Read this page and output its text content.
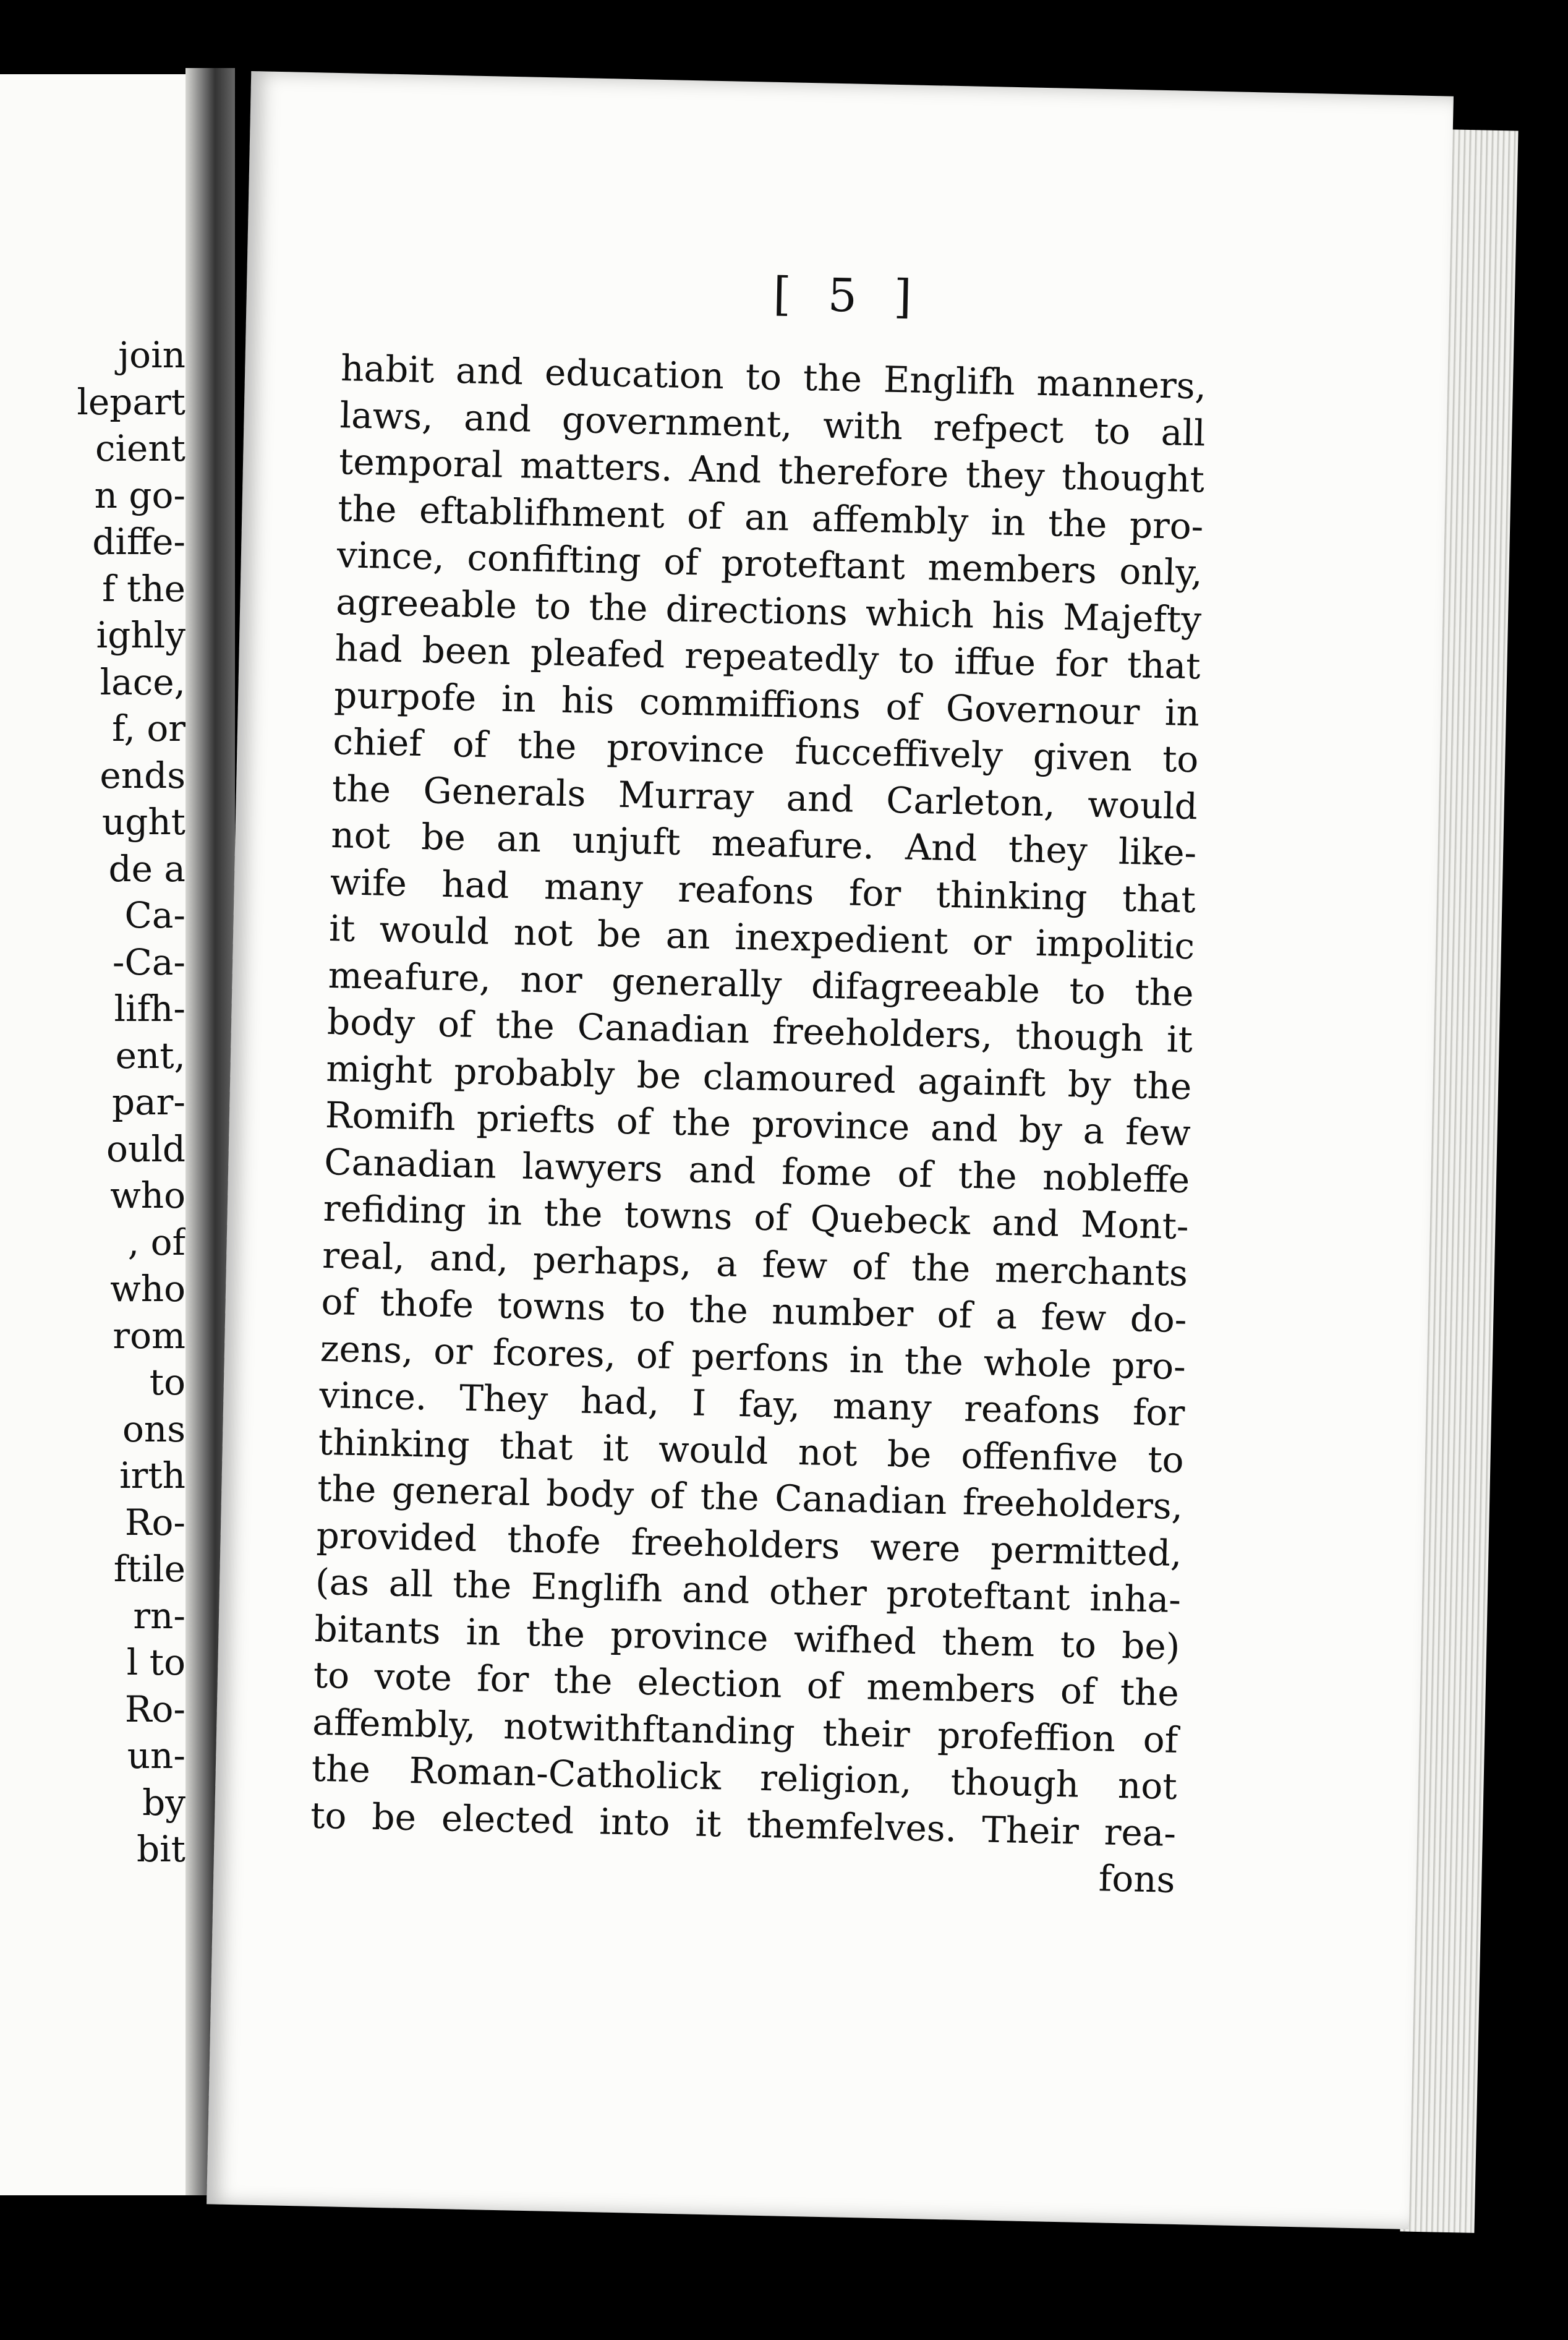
join
lepart
cient
n go-
diffe-
f the
ighly
lace,
f, or
ends
ught
de a
Ca-
-Ca-
lifh-
ent,
par-
ould
who
, of
who
rom
to
ons
irth
Ro-
ftile
rn-
l to
Ro-
un-
by
bit
[ 5 ]
habit and education to the Englifh manners,
laws, and government, with refpect to all
temporal matters. And therefore they thought
the eftablifhment of an affembly in the pro-
vince, confifting of proteftant members only,
agreeable to the directions which his Majefty
had been pleafed repeatedly to iffue for that
purpofe in his commiffions of Governour in
chief of the province fucceffively given to
the Generals Murray and Carleton, would
not be an unjuft meafure. And they like-
wife had many reafons for thinking that
it would not be an inexpedient or impolitic
meafure, nor generally difagreeable to the
body of the Canadian freeholders, though it
might probably be clamoured againft by the
Romifh priefts of the province and by a few
Canadian lawyers and fome of the nobleffe
refiding in the towns of Quebeck and Mont-
real, and, perhaps, a few of the merchants
of thofe towns to the number of a few do-
zens, or fcores, of perfons in the whole pro-
vince. They had, I fay, many reafons for
thinking that it would not be offenfive to
the general body of the Canadian freeholders,
provided thofe freeholders were permitted,
(as all the Englifh and other proteftant inha-
bitants in the province wifhed them to be)
to vote for the election of members of the
affembly, notwithftanding their profeffion of
the Roman-Catholick religion, though not
to be elected into it themfelves. Their rea-
fons
